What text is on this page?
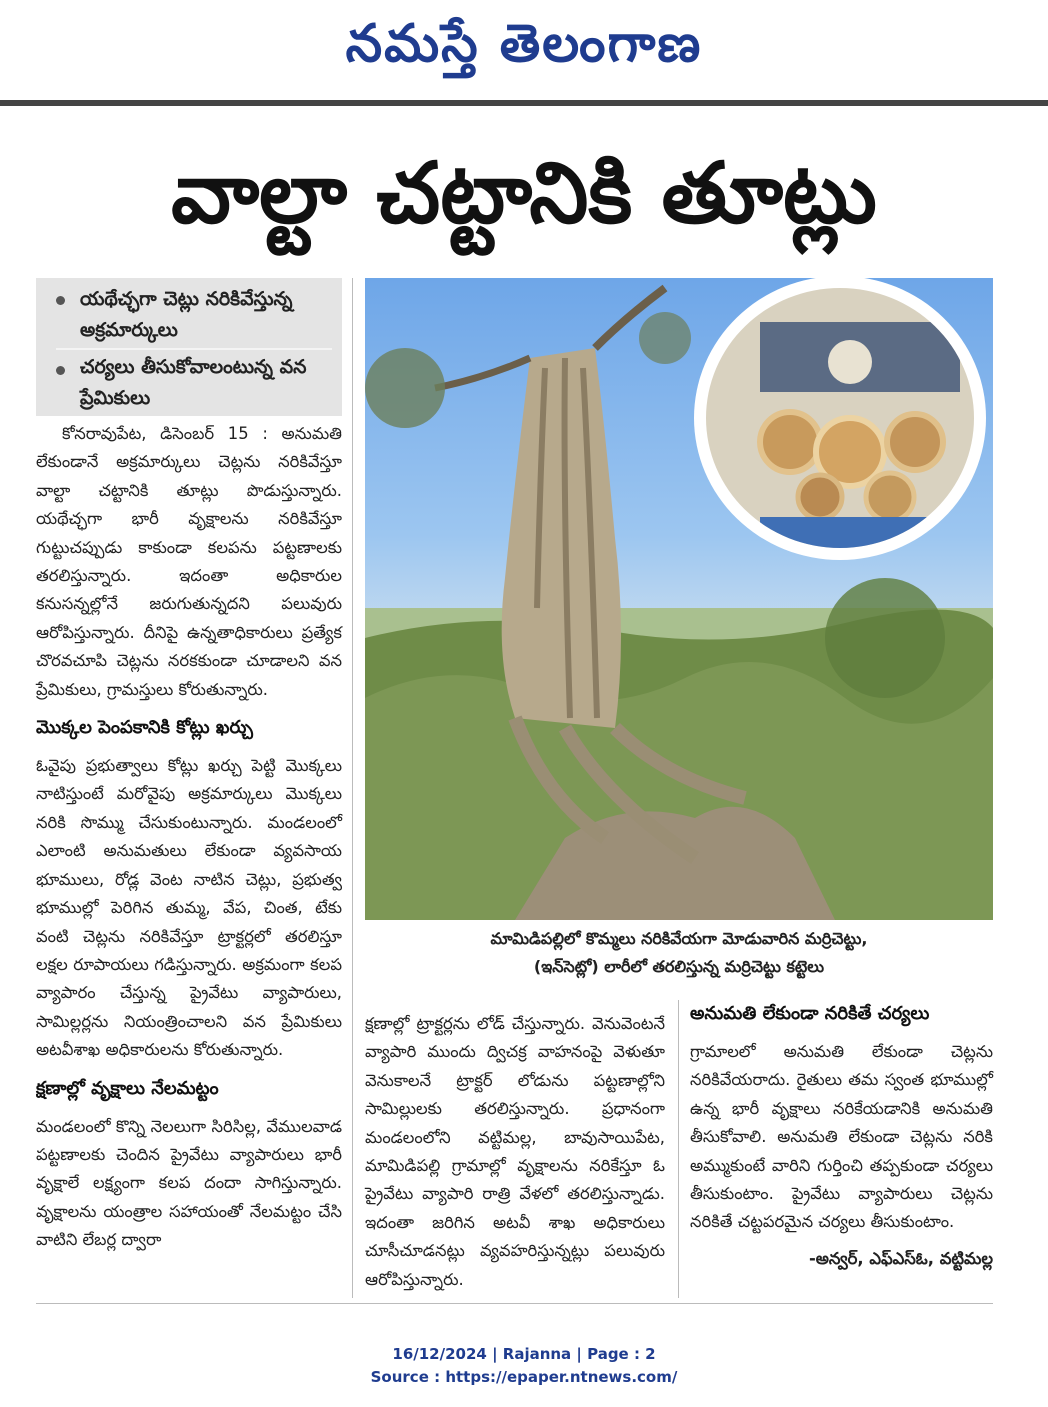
నమస్తే తెలంగాణ
వాల్టా చట్టానికి తూట్లు
యథేచ్ఛగా చెట్లు నరికివేస్తున్న అక్రమార్కులు
చర్యలు తీసుకోవాలంటున్న వన ప్రేమికులు

కోనరావుపేట, డిసెంబర్ 15 : అనుమతి లేకుండానే అక్రమార్కులు చెట్లను నరికివేస్తూ వాల్టా చట్టానికి తూట్లు పొడుస్తున్నారు. యథేచ్ఛగా భారీ వృక్షాలను నరికివేస్తూ గుట్టుచప్పుడు కాకుండా కలపను పట్టణాలకు తరలిస్తున్నారు. ఇదంతా అధికారుల కనుసన్నల్లోనే జరుగుతున్నదని పలువురు ఆరోపిస్తున్నారు. దీనిపై ఉన్నతాధికారులు ప్రత్యేక చొరవచూపి చెట్లను నరకకుండా చూడాలని వన ప్రేమికులు, గ్రామస్తులు కోరుతున్నారు.

మొక్కల పెంపకానికి కోట్లు ఖర్చు

ఓవైపు ప్రభుత్వాలు కోట్లు ఖర్చు పెట్టి మొక్కలు నాటిస్తుంటే మరోవైపు అక్రమార్కులు మొక్కలు నరికి సొమ్ము చేసుకుంటున్నారు. మండలంలో ఎలాంటి అనుమతులు లేకుండా వ్యవసాయ భూములు, రోడ్ల వెంట నాటిన చెట్లు, ప్రభుత్వ భూముల్లో పెరిగిన తుమ్మ, వేప, చింత, టేకు వంటి చెట్లను నరికివేస్తూ ట్రాక్టర్లలో తరలిస్తూ లక్షల రూపాయలు గడిస్తున్నారు. అక్రమంగా కలప వ్యాపారం చేస్తున్న ప్రైవేటు వ్యాపారులు, సామిల్లర్లను నియంత్రించాలని వన ప్రేమికులు అటవీశాఖ అధికారులను కోరుతున్నారు.

క్షణాల్లో వృక్షాలు నేలమట్టం

మండలంలో కొన్ని నెలలుగా సిరిసిల్ల, వేములవాడ పట్టణాలకు చెందిన ప్రైవేటు వ్యాపారులు భారీ వృక్షాలే లక్ష్యంగా కలప దందా సాగిస్తున్నారు. వృక్షాలను యంత్రాల సహాయంతో నేలమట్టం చేసి వాటిని లేబర్ల ద్వారా

మామిడిపల్లిలో కొమ్మలు నరికివేయగా మోడువారిన మర్రిచెట్టు,
(ఇన్‌సెట్లో) లారీలో తరలిస్తున్న మర్రిచెట్టు కట్టెలు

క్షణాల్లో ట్రాక్టర్లను లోడ్ చేస్తున్నారు. వెనువెంటనే వ్యాపారి ముందు ద్విచక్ర వాహనంపై వెళుతూ వెనుకాలనే ట్రాక్టర్ లోడును పట్టణాల్లోని సామిల్లులకు తరలిస్తున్నారు. ప్రధానంగా మండలంలోని వట్టిమల్ల, బావుసాయిపేట, మామిడిపల్లి గ్రామాల్లో వృక్షాలను నరికేస్తూ ఓ ప్రైవేటు వ్యాపారి రాత్రి వేళలో తరలిస్తున్నాడు. ఇదంతా జరిగిన అటవీ శాఖ అధికారులు చూసీచూడనట్లు వ్యవహరిస్తున్నట్లు పలువురు ఆరోపిస్తున్నారు.

అనుమతి లేకుండా నరికితే చర్యలు

గ్రామాలలో అనుమతి లేకుండా చెట్లను నరికివేయరాదు. రైతులు తమ స్వంత భూముల్లో ఉన్న భారీ వృక్షాలు నరికేయడానికి అనుమతి తీసుకోవాలి. అనుమతి లేకుండా చెట్లను నరికి అమ్ముకుంటే వారిని గుర్తించి తప్పకుండా చర్యలు తీసుకుంటాం. ప్రైవేటు వ్యాపారులు చెట్లను నరికితే చట్టపరమైన చర్యలు తీసుకుంటాం.

-అన్వర్, ఎఫ్ఎస్ఓ, వట్టిమల్ల
16/12/2024 | Rajanna | Page : 2
Source : https://epaper.ntnews.com/
